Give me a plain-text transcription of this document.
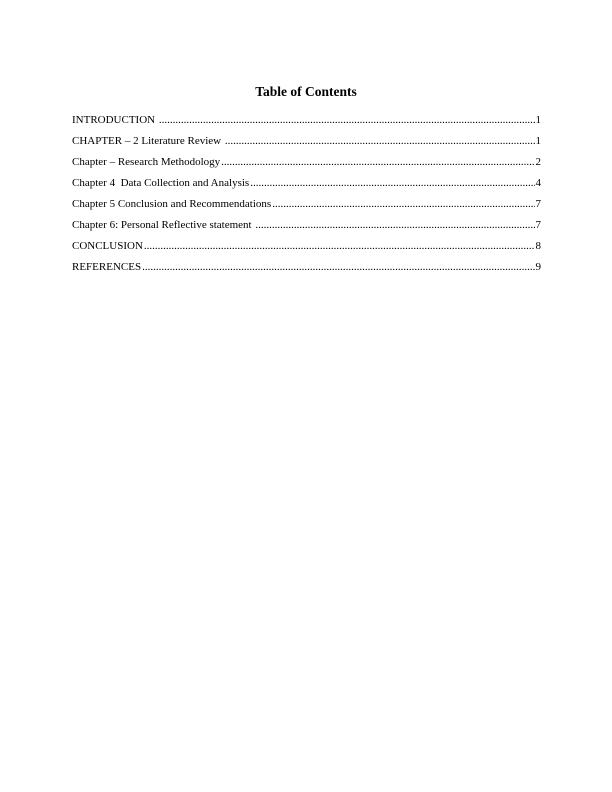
Table of Contents
INTRODUCTION .....	1
CHAPTER – 2 Literature Review .....	1
Chapter – Research Methodology .....	2
Chapter 4  Data Collection and Analysis .....	4
Chapter 5 Conclusion and Recommendations .....	7
Chapter 6: Personal Reflective statement .....	7
CONCLUSION .....	8
REFERENCES .....	9
